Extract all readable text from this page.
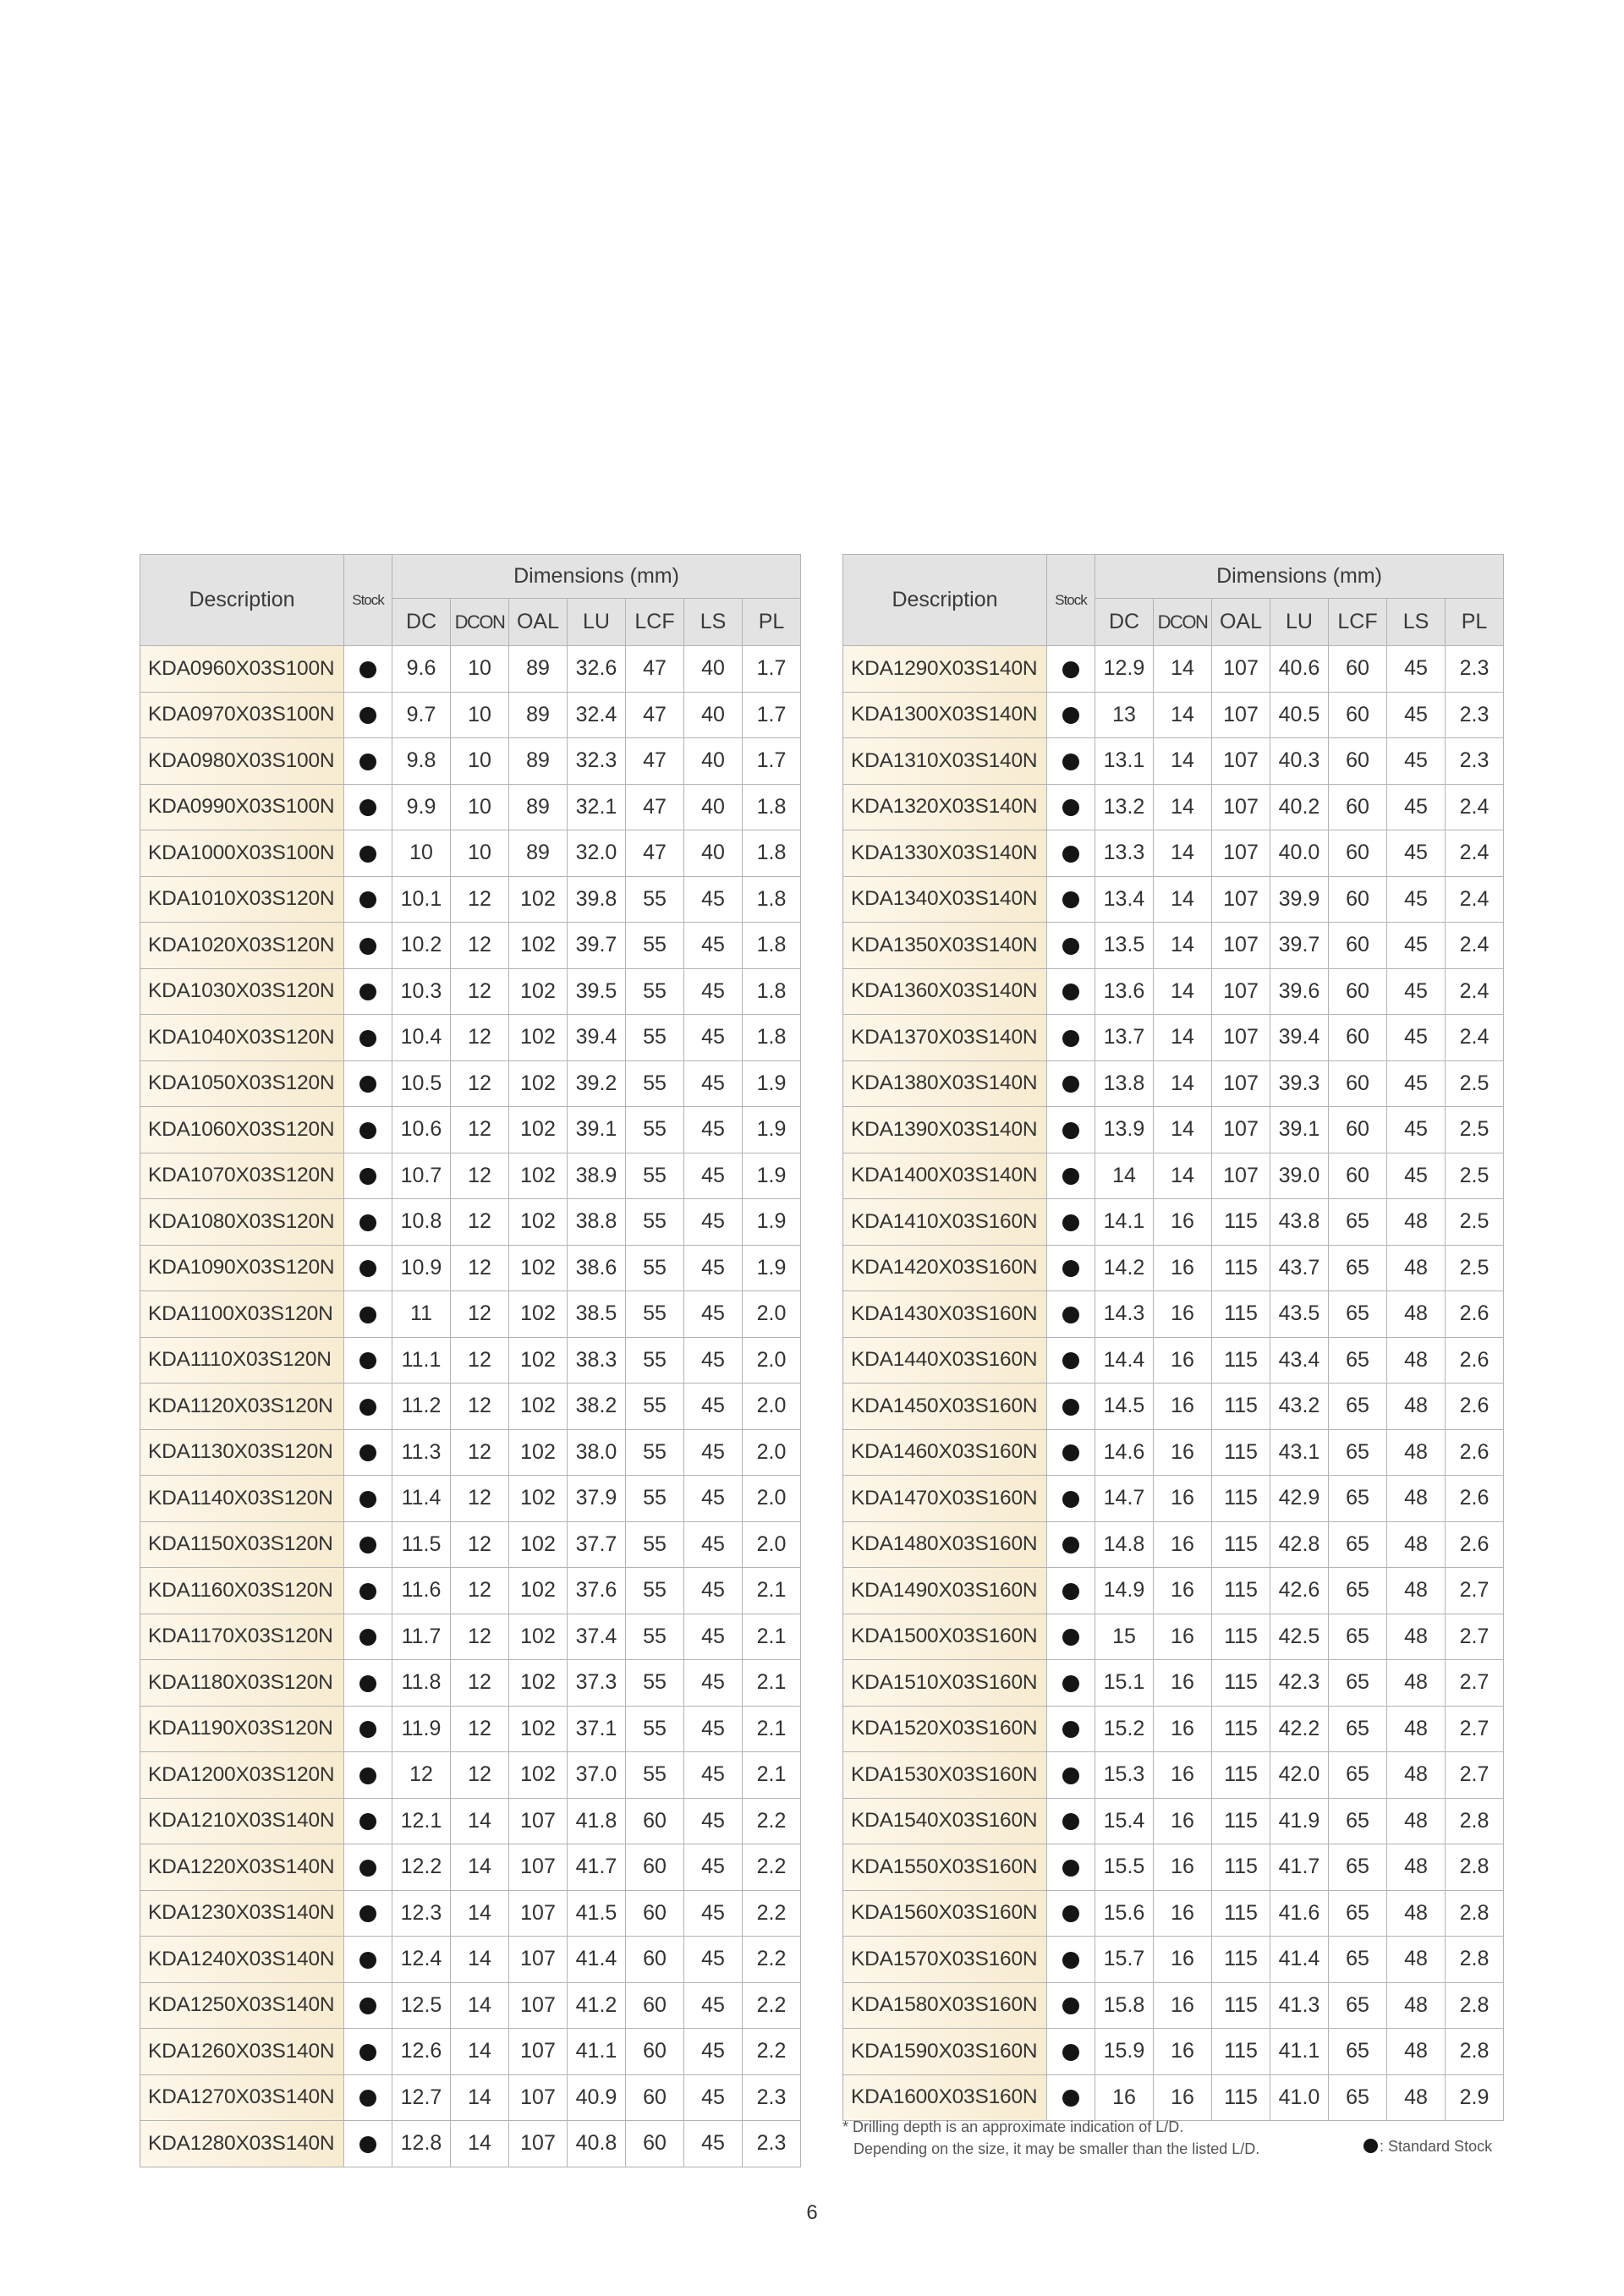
Description	Stock	Dimensions (mm)						
		DC	DCON	OAL	LU	LCF	LS	PL
KDA0960X03S100N		9.6	10	89	32.6	47	40	1.7
KDA0970X03S100N		9.7	10	89	32.4	47	40	1.7
KDA0980X03S100N		9.8	10	89	32.3	47	40	1.7
KDA0990X03S100N		9.9	10	89	32.1	47	40	1.8
KDA1000X03S100N		10	10	89	32.0	47	40	1.8
KDA1010X03S120N		10.1	12	102	39.8	55	45	1.8
KDA1020X03S120N		10.2	12	102	39.7	55	45	1.8
KDA1030X03S120N		10.3	12	102	39.5	55	45	1.8
KDA1040X03S120N		10.4	12	102	39.4	55	45	1.8
KDA1050X03S120N		10.5	12	102	39.2	55	45	1.9
KDA1060X03S120N		10.6	12	102	39.1	55	45	1.9
KDA1070X03S120N		10.7	12	102	38.9	55	45	1.9
KDA1080X03S120N		10.8	12	102	38.8	55	45	1.9
KDA1090X03S120N		10.9	12	102	38.6	55	45	1.9
KDA1100X03S120N		11	12	102	38.5	55	45	2.0
KDA1110X03S120N		11.1	12	102	38.3	55	45	2.0
KDA1120X03S120N		11.2	12	102	38.2	55	45	2.0
KDA1130X03S120N		11.3	12	102	38.0	55	45	2.0
KDA1140X03S120N		11.4	12	102	37.9	55	45	2.0
KDA1150X03S120N		11.5	12	102	37.7	55	45	2.0
KDA1160X03S120N		11.6	12	102	37.6	55	45	2.1
KDA1170X03S120N		11.7	12	102	37.4	55	45	2.1
KDA1180X03S120N		11.8	12	102	37.3	55	45	2.1
KDA1190X03S120N		11.9	12	102	37.1	55	45	2.1
KDA1200X03S120N		12	12	102	37.0	55	45	2.1
KDA1210X03S140N		12.1	14	107	41.8	60	45	2.2
KDA1220X03S140N		12.2	14	107	41.7	60	45	2.2
KDA1230X03S140N		12.3	14	107	41.5	60	45	2.2
KDA1240X03S140N		12.4	14	107	41.4	60	45	2.2
KDA1250X03S140N		12.5	14	107	41.2	60	45	2.2
KDA1260X03S140N		12.6	14	107	41.1	60	45	2.2
KDA1270X03S140N		12.7	14	107	40.9	60	45	2.3
KDA1280X03S140N		12.8	14	107	40.8	60	45	2.3
Description	Stock	Dimensions (mm)						
		DC	DCON	OAL	LU	LCF	LS	PL
KDA1290X03S140N		12.9	14	107	40.6	60	45	2.3
KDA1300X03S140N		13	14	107	40.5	60	45	2.3
KDA1310X03S140N		13.1	14	107	40.3	60	45	2.3
KDA1320X03S140N		13.2	14	107	40.2	60	45	2.4
KDA1330X03S140N		13.3	14	107	40.0	60	45	2.4
KDA1340X03S140N		13.4	14	107	39.9	60	45	2.4
KDA1350X03S140N		13.5	14	107	39.7	60	45	2.4
KDA1360X03S140N		13.6	14	107	39.6	60	45	2.4
KDA1370X03S140N		13.7	14	107	39.4	60	45	2.4
KDA1380X03S140N		13.8	14	107	39.3	60	45	2.5
KDA1390X03S140N		13.9	14	107	39.1	60	45	2.5
KDA1400X03S140N		14	14	107	39.0	60	45	2.5
KDA1410X03S160N		14.1	16	115	43.8	65	48	2.5
KDA1420X03S160N		14.2	16	115	43.7	65	48	2.5
KDA1430X03S160N		14.3	16	115	43.5	65	48	2.6
KDA1440X03S160N		14.4	16	115	43.4	65	48	2.6
KDA1450X03S160N		14.5	16	115	43.2	65	48	2.6
KDA1460X03S160N		14.6	16	115	43.1	65	48	2.6
KDA1470X03S160N		14.7	16	115	42.9	65	48	2.6
KDA1480X03S160N		14.8	16	115	42.8	65	48	2.6
KDA1490X03S160N		14.9	16	115	42.6	65	48	2.7
KDA1500X03S160N		15	16	115	42.5	65	48	2.7
KDA1510X03S160N		15.1	16	115	42.3	65	48	2.7
KDA1520X03S160N		15.2	16	115	42.2	65	48	2.7
KDA1530X03S160N		15.3	16	115	42.0	65	48	2.7
KDA1540X03S160N		15.4	16	115	41.9	65	48	2.8
KDA1550X03S160N		15.5	16	115	41.7	65	48	2.8
KDA1560X03S160N		15.6	16	115	41.6	65	48	2.8
KDA1570X03S160N		15.7	16	115	41.4	65	48	2.8
KDA1580X03S160N		15.8	16	115	41.3	65	48	2.8
KDA1590X03S160N		15.9	16	115	41.1	65	48	2.8
KDA1600X03S160N		16	16	115	41.0	65	48	2.9
* Drilling depth is an approximate indication of L/D.
Depending on the size, it may be smaller than the listed L/D.	: Standard Stock
6
